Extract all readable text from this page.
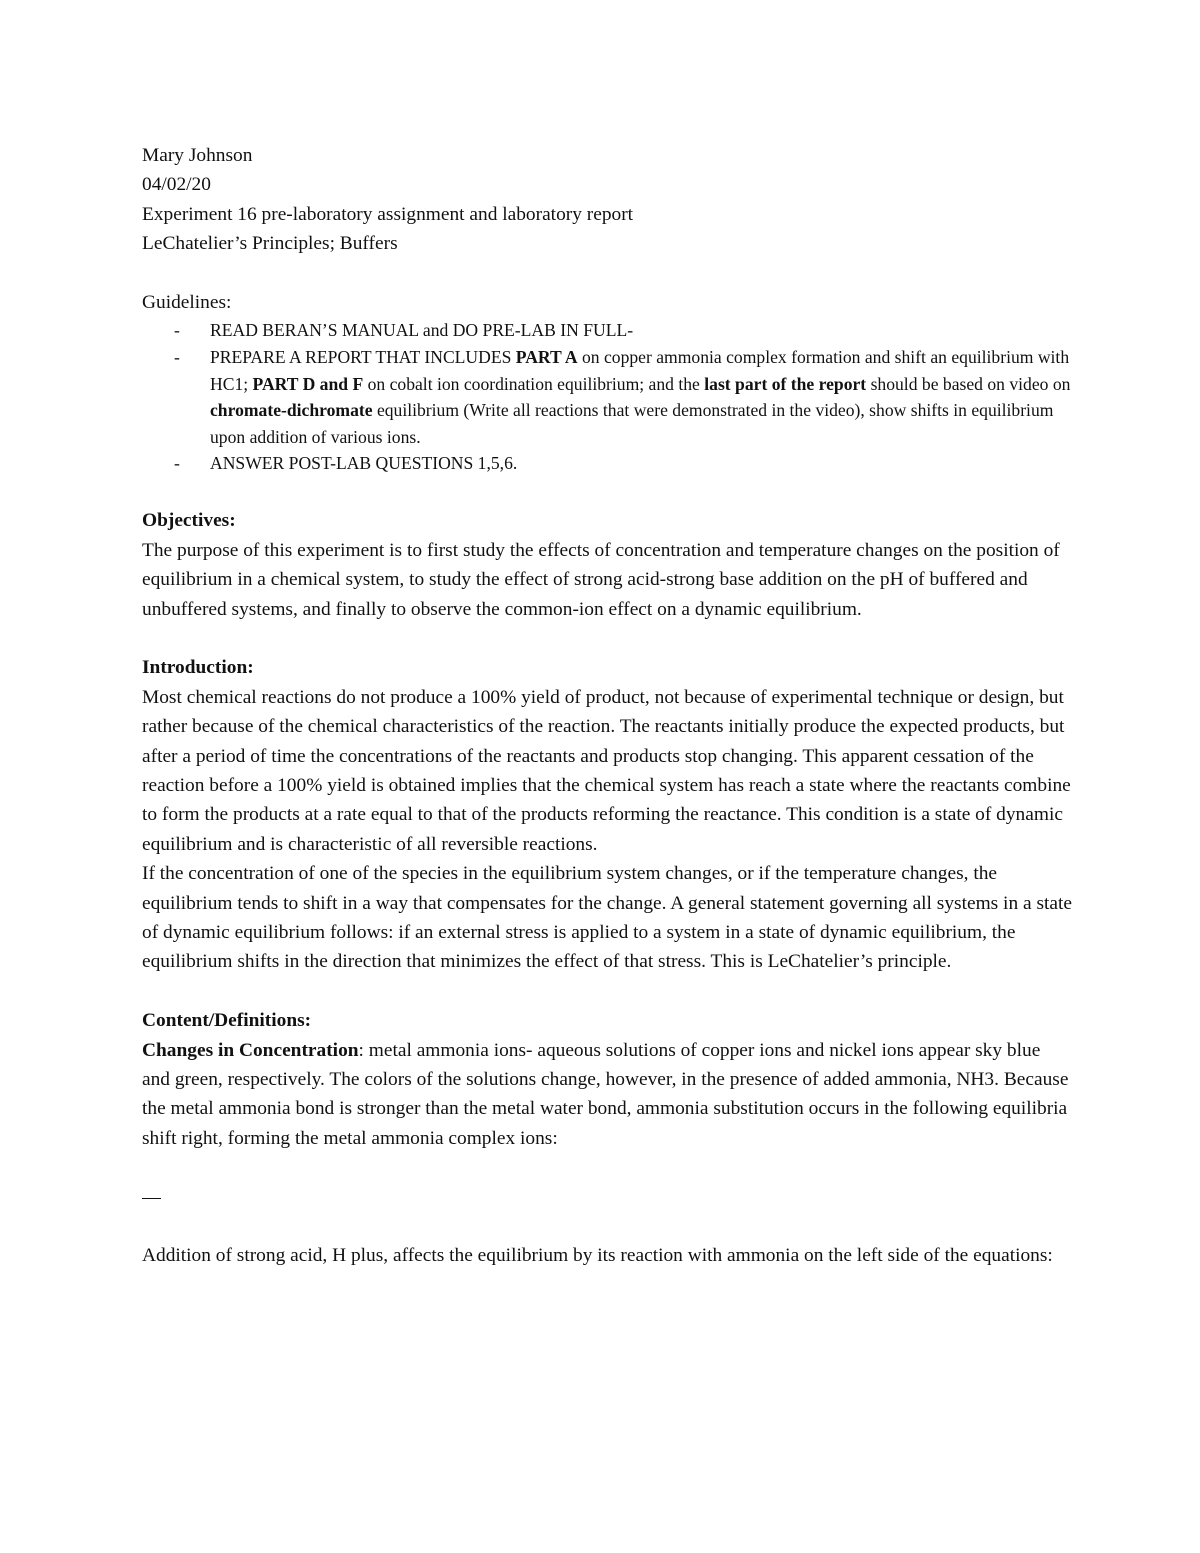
Mary Johnson

04/02/20

Experiment 16 pre-laboratory assignment and laboratory report

LeChatelier’s Principles; Buffers

Guidelines:

- READ BERAN’S MANUAL and DO PRE-LAB IN FULL-
- PREPARE A REPORT THAT INCLUDES PART A on copper ammonia complex formation and shift an equilibrium with HC1; PART D and F on cobalt ion coordination equilibrium; and the last part of the report should be based on video on chromate-dichromate equilibrium (Write all reactions that were demonstrated in the video), show shifts in equilibrium upon addition of various ions.
- ANSWER POST-LAB QUESTIONS 1,5,6.

Objectives:

The purpose of this experiment is to first study the effects of concentration and temperature changes on the position of equilibrium in a chemical system, to study the effect of strong acid-strong base addition on the pH of buffered and unbuffered systems, and finally to observe the common-ion effect on a dynamic equilibrium.

Introduction:

Most chemical reactions do not produce a 100% yield of product, not because of experimental technique or design, but rather because of the chemical characteristics of the reaction. The reactants initially produce the expected products, but after a period of time the concentrations of the reactants and products stop changing. This apparent cessation of the reaction before a 100% yield is obtained implies that the chemical system has reach a state where the reactants combine to form the products at a rate equal to that of the products reforming the reactance. This condition is a state of dynamic equilibrium and is characteristic of all reversible reactions.

If the concentration of one of the species in the equilibrium system changes, or if the temperature changes, the equilibrium tends to shift in a way that compensates for the change. A general statement governing all systems in a state of dynamic equilibrium follows: if an external stress is applied to a system in a state of dynamic equilibrium, the equilibrium shifts in the direction that minimizes the effect of that stress. This is LeChatelier’s principle.

Content/Definitions:

Changes in Concentration: metal ammonia ions- aqueous solutions of copper ions and nickel ions appear sky blue and green, respectively. The colors of the solutions change, however, in the presence of added ammonia, NH3. Because the metal ammonia bond is stronger than the metal water bond, ammonia substitution occurs in the following equilibria shift right, forming the metal ammonia complex ions:

Addition of strong acid, H plus, affects the equilibrium by its reaction with ammonia on the left side of the equations:
